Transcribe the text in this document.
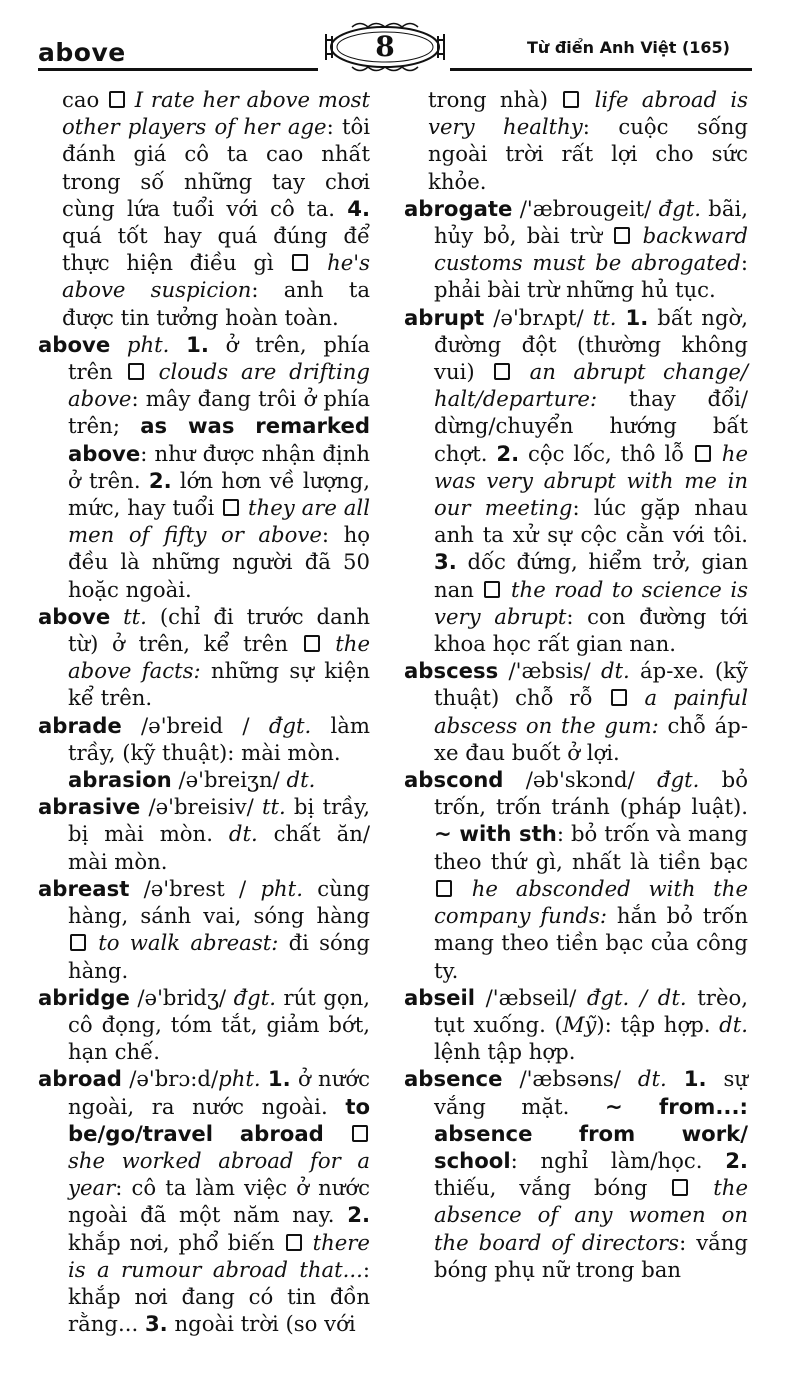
above	8	Từ điển Anh Việt (165)

cao I rate her above most other players of her age: tôi đánh giá cô ta cao nhất trong số những tay chơi cùng lứa tuổi với cô ta. 4. quá tốt hay quá đúng để thực hiện điều gì	he's above suspicion: anh ta được tin tưởng hoàn toàn.

above pht. 1. ở trên, phía trên clouds are drifting above: mây đang trôi ở phía trên; as was remarked above: như được nhận định ở trên. 2. lớn hơn về lượng, mức, hay tuổi they are all men of fifty or above: họ đều là những người đã 50 hoặc ngoài.

above tt. (chỉ đi trước danh từ) ở trên, kể trên the above facts: những sự kiện kể trên.

abrade /ə'breid / đgt. làm trầy, (kỹ thuật): mài mòn.
abrasion /ə'breiʒn/ dt.

abrasive /ə'breisiv/ tt. bị trầy, bị mài mòn. dt. chất ăn/ mài mòn.

abreast /ə'brest / pht. cùng hàng, sánh vai, sóng hàng  to walk abreast: đi sóng hàng.

abridge /ə'bridʒ/ đgt. rút gọn, cô đọng, tóm tắt, giảm bớt, hạn chế.

abroad /ə'brɔ:d/pht. 1. ở nước ngoài, ra nước ngoài. to be/go/travel abroad  she worked abroad for a year: cô ta làm việc ở nước ngoài đã một năm nay. 2. khắp nơi, phổ biến there is a rumour abroad that...: khắp nơi đang có tin đồn rằng... 3. ngoài trời (so với

trong nhà) life abroad is very healthy: cuộc sống ngoài trời rất lợi cho sức khỏe.

abrogate /'æbrougeit/ đgt. bãi, hủy bỏ, bài trừ backward customs must be abrogated: phải bài trừ những hủ tục.

abrupt /ə'brʌpt/ tt. 1. bất ngờ, đường đột (thường không vui)	an abrupt change/ halt/departure: thay đổi/ dừng/chuyển hướng bất chợt. 2. cộc lốc, thô lỗ he was very abrupt with me in our meeting: lúc gặp nhau anh ta xử sự cộc cằn với tôi. 3. dốc đứng, hiểm trở, gian nan the road to science is very abrupt: con đường tới khoa học rất gian nan.

abscess /'æbsis/ dt. áp-xe. (kỹ thuật) chỗ rỗ a painful abscess on the gum: chỗ áp-xe đau buốt ở lợi.

abscond /əb'skɔnd/ đgt. bỏ trốn, trốn tránh (pháp luật). ~ with sth: bỏ trốn và mang theo thứ gì, nhất là tiền bạc  he absconded with the company funds: hắn bỏ trốn mang theo tiền bạc của công ty.

abseil /'æbseil/ đgt. / dt. trèo, tụt xuống. (Mỹ): tập hợp. dt. lệnh tập hợp.

absence /'æbsəns/ dt. 1. sự vắng mặt. ~ from...: absence from work/ school: nghỉ làm/học. 2. thiếu, vắng bóng	the absence of any women on the board of directors: vắng bóng phụ nữ trong ban
